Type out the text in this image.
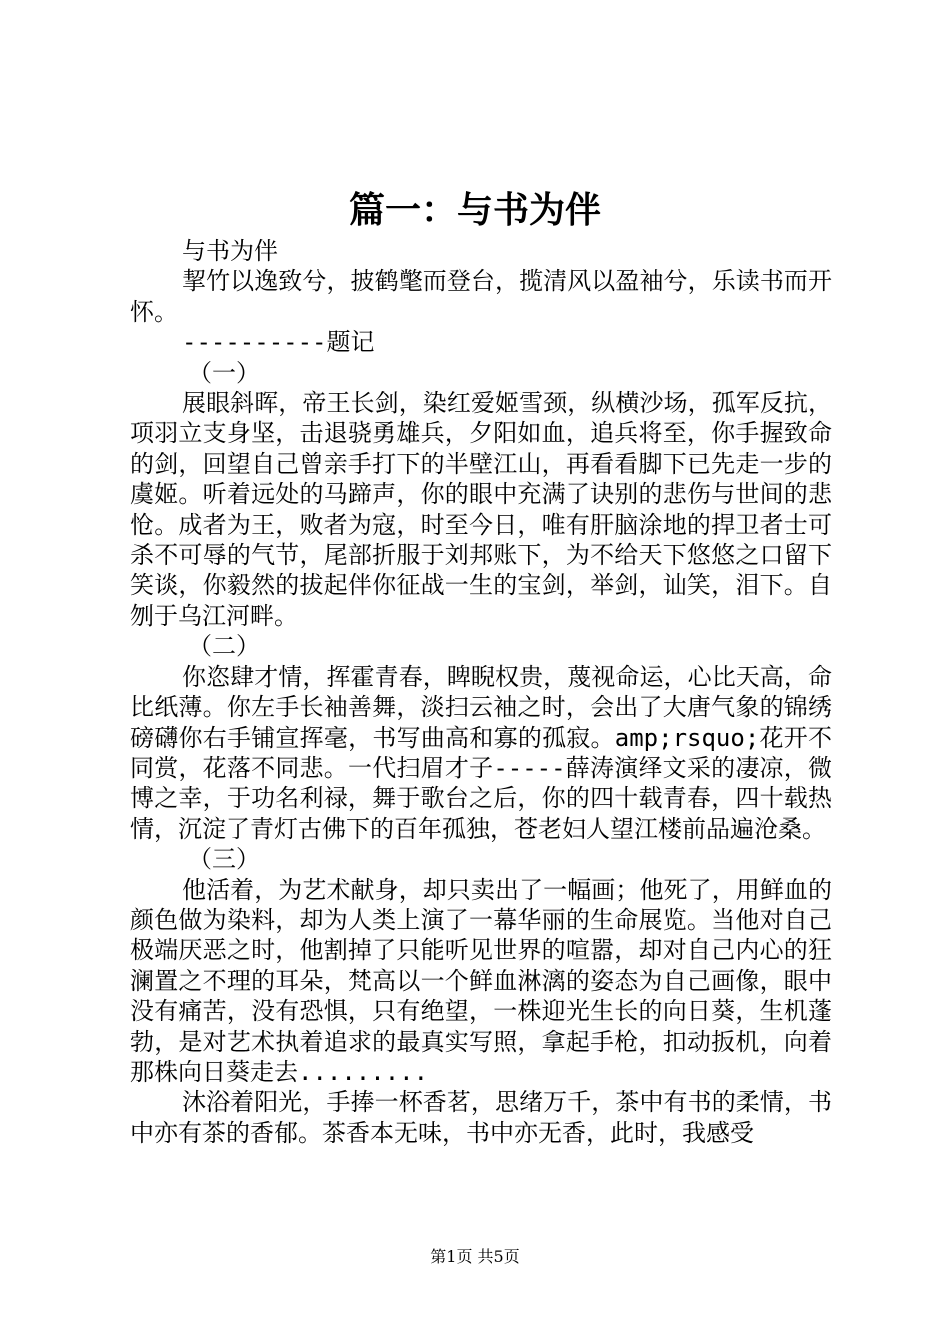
篇一：与书为伴

与书为伴

挈竹以逸致兮，披鹤氅而登台，揽清风以盈袖兮，乐读书而开怀。

----------题记

（一）

展眼斜晖，帝王长剑，染红爱姬雪颈，纵横沙场，孤军反抗，项羽立支身坚，击退骁勇雄兵，夕阳如血，追兵将至，你手握致命的剑，回望自己曾亲手打下的半壁江山，再看看脚下已先走一步的虞姬。听着远处的马蹄声，你的眼中充满了诀别的悲伤与世间的悲怆。成者为王，败者为寇，时至今日，唯有肝脑涂地的捍卫者士可杀不可辱的气节，尾部折服于刘邦账下，为不给天下悠悠之口留下笑谈，你毅然的拔起伴你征战一生的宝剑，举剑，讪笑，泪下。自刎于乌江河畔。

（二）

你恣肆才情，挥霍青春，睥睨权贵，蔑视命运，心比天高，命比纸薄。你左手长袖善舞，淡扫云袖之时，会出了大唐气象的锦绣磅礴你右手铺宣挥毫，书写曲高和寡的孤寂。amp;rsquo;花开不同赏，花落不同悲。一代扫眉才子-----薛涛演绎文采的凄凉，微博之幸，于功名利禄，舞于歌台之后，你的四十载青春，四十载热情，沉淀了青灯古佛下的百年孤独，苍老妇人望江楼前品遍沧桑。

（三）

他活着，为艺术献身，却只卖出了一幅画；他死了，用鲜血的颜色做为染料，却为人类上演了一幕华丽的生命展览。当他对自己极端厌恶之时，他割掉了只能听见世界的喧嚣，却对自己内心的狂澜置之不理的耳朵，梵高以一个鲜血淋漓的姿态为自己画像，眼中没有痛苦，没有恐惧，只有绝望，一株迎光生长的向日葵，生机蓬勃，是对艺术执着追求的最真实写照，拿起手枪，扣动扳机，向着那株向日葵走去.........

沐浴着阳光，手捧一杯香茗，思绪万千，茶中有书的柔情，书中亦有茶的香郁。茶香本无味，书中亦无香，此时，我感受

第1页 共5页
